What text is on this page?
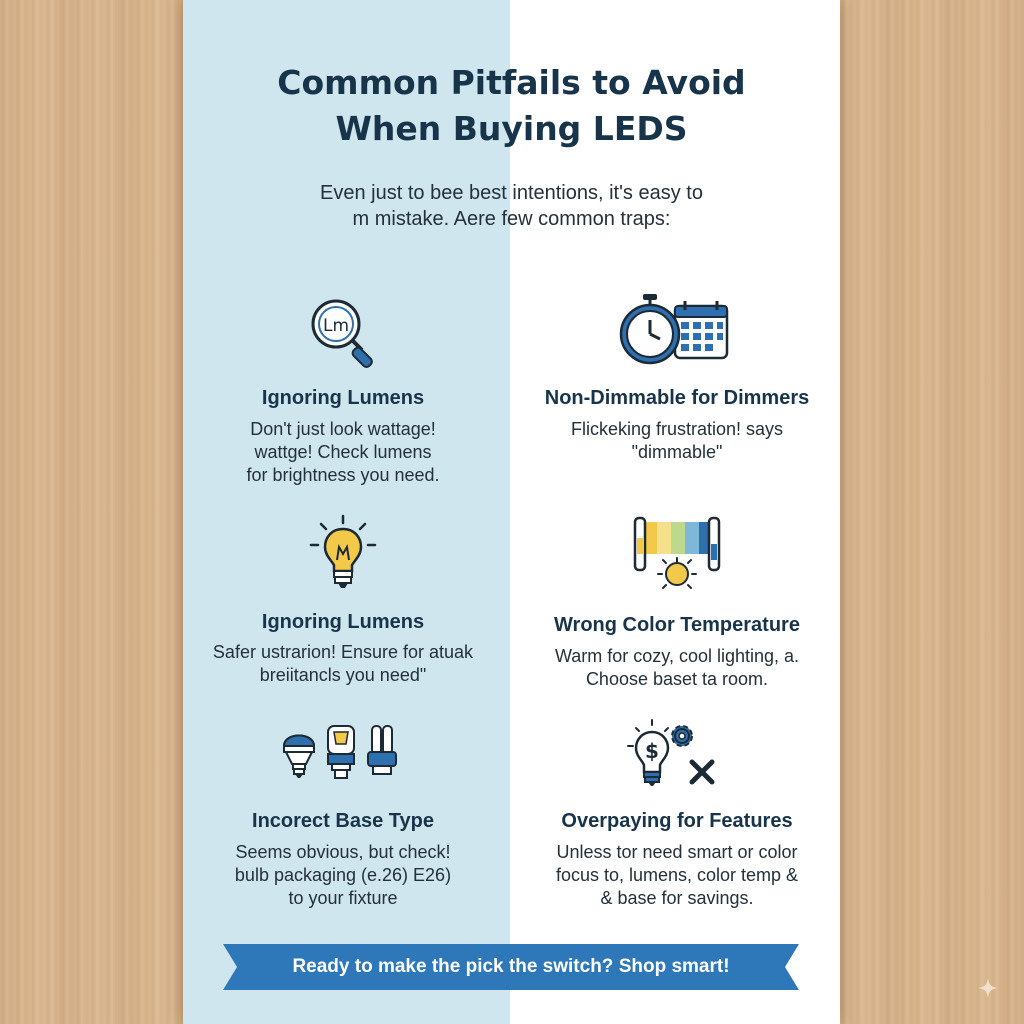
Common Pitfails to Avoid
When Buying LEDS
Even just to bee best intentions, it's easy to
m mistake. Aere few common traps:
Lm
Ignoring Lumens

Don't just look wattage!
wattge! Check lumens
for brightness you need.

Non-Dimmable for Dimmers

Flickeking frustration! says
"dimmable"

Ignoring Lumens

Safer ustrarion! Ensure for atuak
breiitancls you need"

Wrong Color Temperature

Warm for cozy, cool lighting, a.
Choose baset ta room.

Incorect Base Type

Seems obvious, but check!
bulb packaging (e.26) E26)
to your fixture

$
Overpaying for Features

Unless tor need smart or color
focus to, lumens, color temp &
& base for savings.

Ready to make the pick the switch? Shop smart!
